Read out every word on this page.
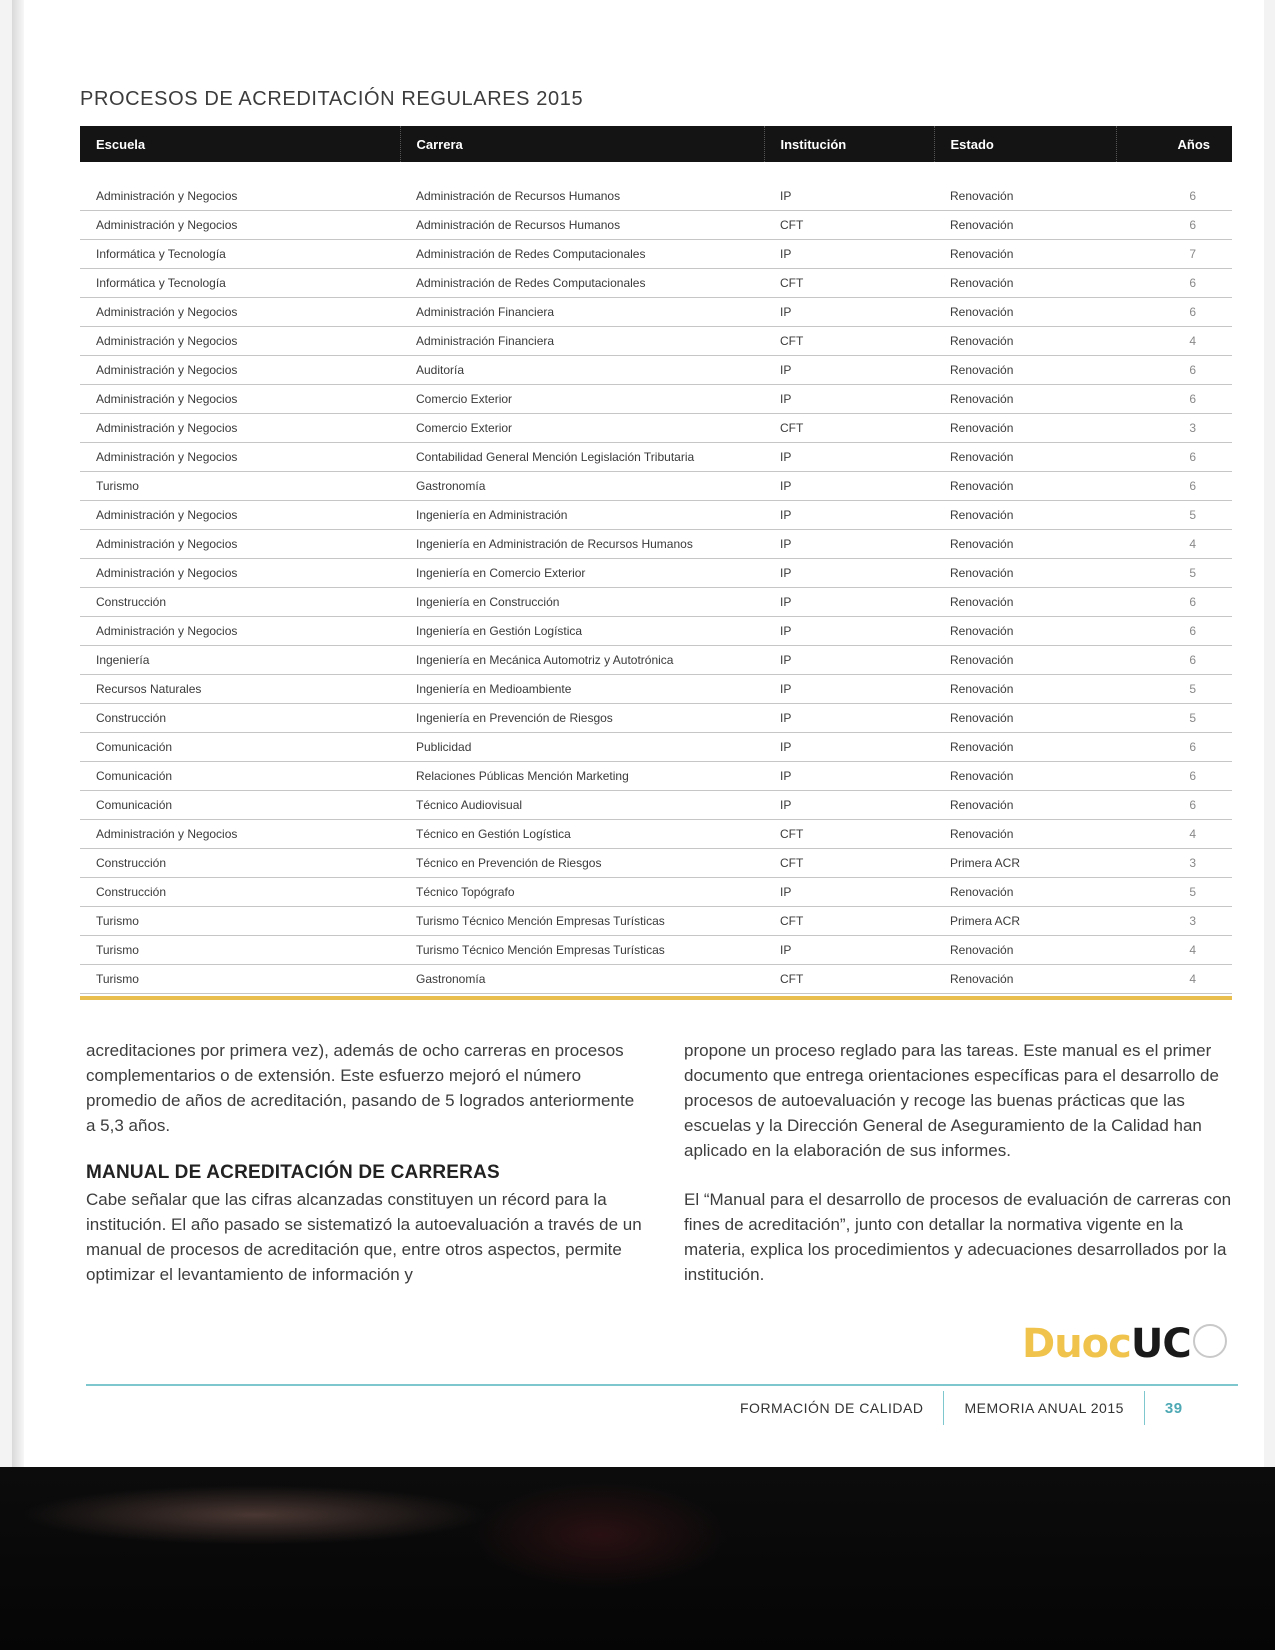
PROCESOS DE ACREDITACIÓN REGULARES 2015
Escuela	Carrera	Institución	Estado	Años

Administración y Negocios	Administración de Recursos Humanos	IP	Renovación	6
Administración y Negocios	Administración de Recursos Humanos	CFT	Renovación	6
Informática y Tecnología	Administración de Redes Computacionales	IP	Renovación	7
Informática y Tecnología	Administración de Redes Computacionales	CFT	Renovación	6
Administración y Negocios	Administración Financiera	IP	Renovación	6
Administración y Negocios	Administración Financiera	CFT	Renovación	4
Administración y Negocios	Auditoría	IP	Renovación	6
Administración y Negocios	Comercio Exterior	IP	Renovación	6
Administración y Negocios	Comercio Exterior	CFT	Renovación	3
Administración y Negocios	Contabilidad General Mención Legislación Tributaria	IP	Renovación	6
Turismo	Gastronomía	IP	Renovación	6
Administración y Negocios	Ingeniería en Administración	IP	Renovación	5
Administración y Negocios	Ingeniería en Administración de Recursos Humanos	IP	Renovación	4
Administración y Negocios	Ingeniería en Comercio Exterior	IP	Renovación	5
Construcción	Ingeniería en Construcción	IP	Renovación	6
Administración y Negocios	Ingeniería en Gestión Logística	IP	Renovación	6
Ingeniería	Ingeniería en Mecánica Automotriz y Autotrónica	IP	Renovación	6
Recursos Naturales	Ingeniería en Medioambiente	IP	Renovación	5
Construcción	Ingeniería en Prevención de Riesgos	IP	Renovación	5
Comunicación	Publicidad	IP	Renovación	6
Comunicación	Relaciones Públicas Mención Marketing	IP	Renovación	6
Comunicación	Técnico Audiovisual	IP	Renovación	6
Administración y Negocios	Técnico en Gestión Logística	CFT	Renovación	4
Construcción	Técnico en Prevención de Riesgos	CFT	Primera ACR	3
Construcción	Técnico Topógrafo	IP	Renovación	5
Turismo	Turismo Técnico Mención Empresas Turísticas	CFT	Primera ACR	3
Turismo	Turismo Técnico Mención Empresas Turísticas	IP	Renovación	4
Turismo	Gastronomía	CFT	Renovación	4

acreditaciones por primera vez), además de ocho carreras en procesos complementarios o de extensión. Este esfuerzo mejoró el número promedio de años de acreditación, pasando de 5 logrados anteriormente a 5,3 años.

MANUAL DE ACREDITACIÓN DE CARRERAS

Cabe señalar que las cifras alcanzadas constituyen un récord para la institución. El año pasado se sistematizó la autoevaluación a través de un manual de procesos de acreditación que, entre otros aspectos, permite optimizar el levantamiento de información y

propone un proceso reglado para las tareas. Este manual es el primer documento que entrega orientaciones específicas para el desarrollo de procesos de autoevaluación y recoge las buenas prácticas que las escuelas y la Dirección General de Aseguramiento de la Calidad han aplicado en la elaboración de sus informes.

El “Manual para el desarrollo de procesos de evaluación de carreras con fines de acreditación”, junto con detallar la normativa vigente en la materia, explica los procedimientos y adecuaciones desarrollados por la institución.

Duoc UC
FORMACIÓN DE CALIDAD	MEMORIA ANUAL 2015	39
